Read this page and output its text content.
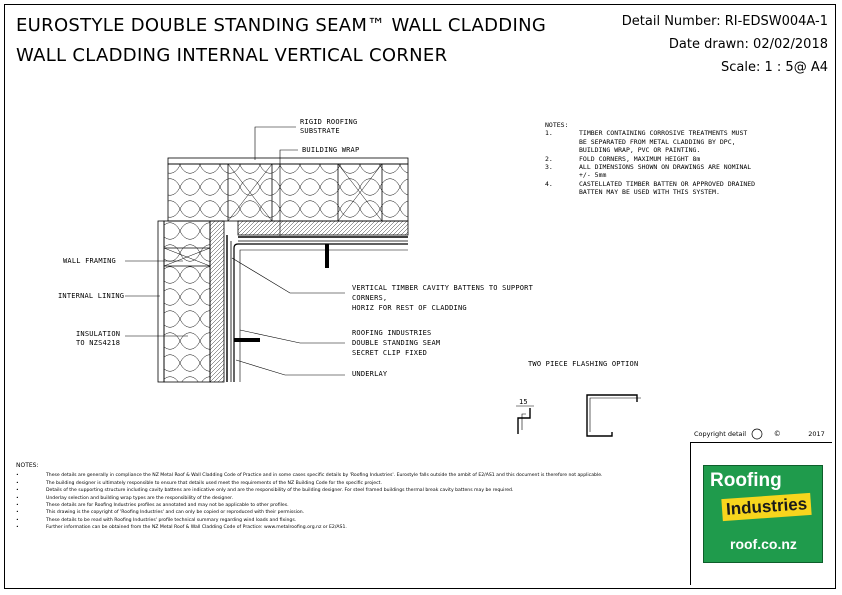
EUROSTYLE DOUBLE STANDING SEAM™ WALL CLADDING
WALL CLADDING INTERNAL VERTICAL CORNER
Detail Number: RI-EDSW004A-1
Date drawn: 02/02/2018
Scale: 1 : 5@ A4
RIGID ROOFING
SUBSTRATE
BUILDING WRAP
WALL FRAMING
INTERNAL LINING
INSULATION
TO NZS4218
VERTICAL TIMBER CAVITY BATTENS TO SUPPORT
CORNERS,
HORIZ FOR REST OF CLADDING
ROOFING INDUSTRIES
DOUBLE STANDING SEAM
SECRET CLIP FIXED
UNDERLAY
TWO PIECE FLASHING OPTION
15
NOTES:
1.	TIMBER CONTAINING CORROSIVE TREATMENTS MUST
BE SEPARATED FROM METAL CLADDING BY DPC,
BUILDING WRAP, PVC OR PAINTING.
2.	FOLD CORNERS, MAXIMUM HEIGHT 8m
3.	ALL DIMENSIONS SHOWN ON DRAWINGS ARE NOMINAL
+/- 5mm
4.	CASTELLATED TIMBER BATTEN OR APPROVED DRAINED
BATTEN MAY BE USED WITH THIS SYSTEM.
Copyright detail	©	2017
NOTES:
•	These details are generally in compliance the NZ Metal Roof & Wall Cladding Code of Practice and in some cases specific details by 'Roofing Industries'. Eurostyle falls outside the ambit of E2/AS1 and this document is therefore not applicable.
•	The building designer is ultimately responsible to ensure that details used meet the requirements of the NZ Building Code for the specific project.
•	Details of the supporting structure including cavity battens are indicative only and are the responsibility of the building designer. For steel framed buildings thermal break cavity battens may be required.
•	Underlay selection and building wrap types are the responsibility of the designer.
•	These details are for Roofing Industries profiles as annotated and may not be applicable to other profiles.
•	This drawing is the copyright of 'Roofing Industries' and can only be copied or reproduced with their permission.
•	These details to be read with Roofing Industries' profile technical summary regarding wind loads and fixings.
•	Further information can be obtained from the NZ Metal Roof & Wall Cladding Code of Practice: www.metalroofing.org.nz or E2/AS1.
Roofing
Industries
roof.co.nz
